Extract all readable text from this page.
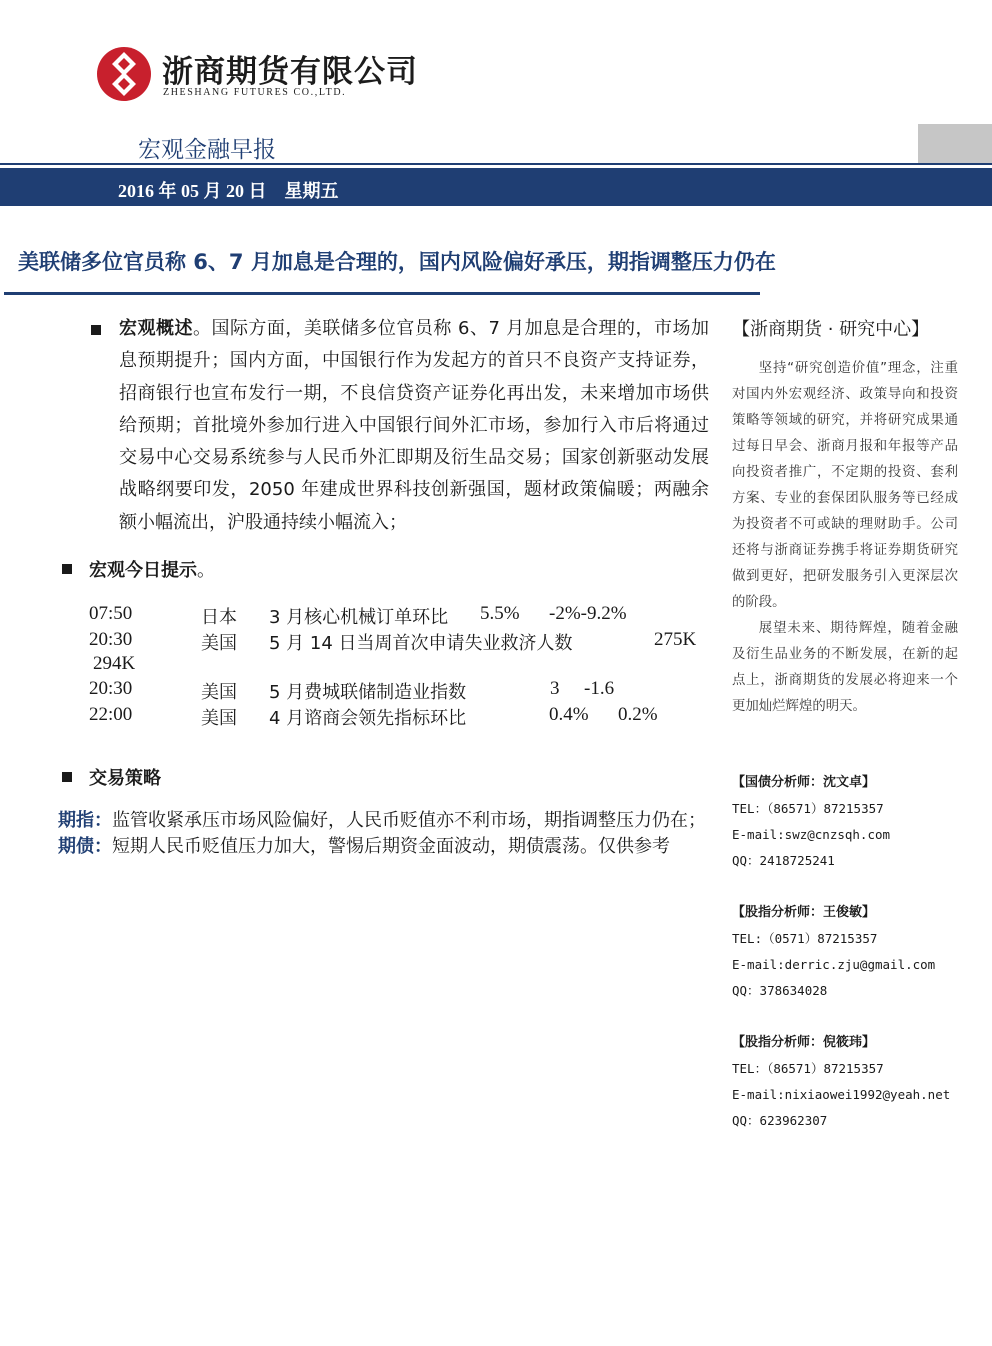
浙商期货有限公司
ZHESHANG FUTURES CO.,LTD.
宏观金融早报
2016 年 05 月 20 日　星期五
美联储多位官员称 6、7 月加息是合理的，国内风险偏好承压，期指调整压力仍在
宏观概述。国际方面，美联储多位官员称 6、7 月加息是合理的，市场加息预期提升；国内方面，中国银行作为发起方的首只不良资产支持证券，招商银行也宣布发行一期，不良信贷资产证券化再出发，未来增加市场供给预期；首批境外参加行进入中国银行间外汇市场，参加行入市后将通过交易中心交易系统参与人民币外汇即期及衍生品交易；国家创新驱动发展战略纲要印发，2050 年建成世界科技创新强国，题材政策偏暖；两融余额小幅流出，沪股通持续小幅流入；
宏观今日提示。
07:50	日本 3 月核心机械订单环比 5.5% -2%-9.2%
20:30	美国 5 月 14 日当周首次申请失业救济人数	275K
294K
20:30	美国 5 月费城联储制造业指数	3 -1.6
22:00	美国 4 月谘商会领先指标环比	0.4% 0.2%
交易策略

期指：监管收紧承压市场风险偏好，人民币贬值亦不利市场，期指调整压力仍在；

期债：短期人民币贬值压力加大，警惕后期资金面波动，期债震荡。仅供参考

【浙商期货 · 研究中心】

坚持“研究创造价值”理念，注重对国内外宏观经济、政策导向和投资策略等领域的研究，并将研究成果通过每日早会、浙商月报和年报等产品向投资者推广，不定期的投资、套利方案、专业的套保团队服务等已经成为投资者不可或缺的理财助手。公司还将与浙商证券携手将证券期货研究做到更好，把研发服务引入更深层次的阶段。

展望未来、期待辉煌，随着金融及衍生品业务的不断发展，在新的起点上，浙商期货的发展必将迎来一个更加灿烂辉煌的明天。

【国债分析师：沈文卓】
TEL：（86571）87215357
E-mail:swz@cnzsqh.com
QQ：2418725241
【股指分析师：王俊敏】
TEL:（0571）87215357
E-mail:derric.zju@gmail.com
QQ：378634028
【股指分析师：倪筱玮】
TEL：（86571）87215357
E-mail:nixiaowei1992@yeah.net
QQ：623962307
